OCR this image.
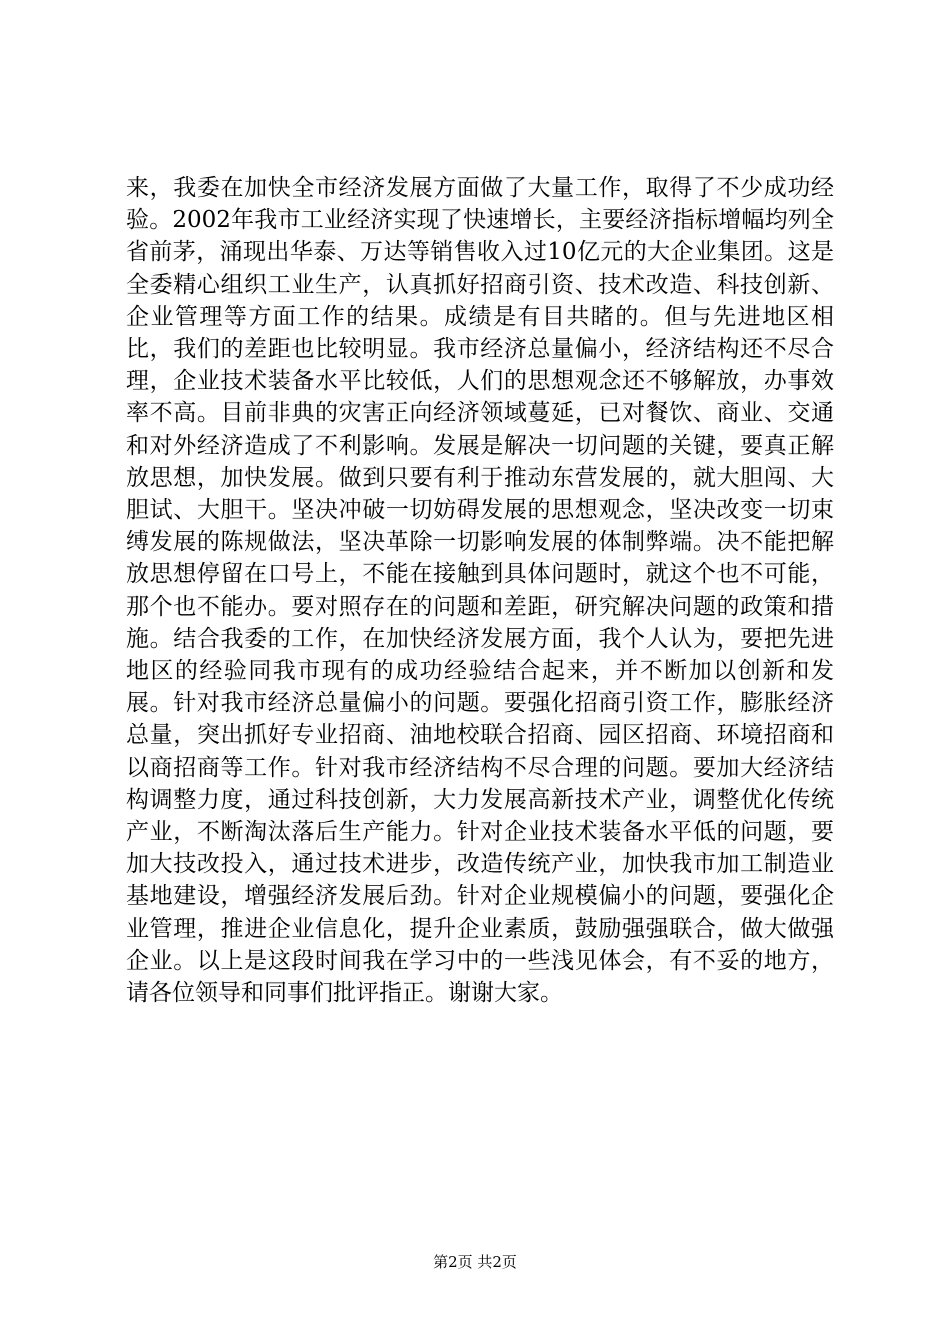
来，我委在加快全市经济发展方面做了大量工作，取得了不少成功经验。2002年我市工业经济实现了快速增长，主要经济指标增幅均列全省前茅，涌现出华泰、万达等销售收入过10亿元的大企业集团。这是全委精心组织工业生产，认真抓好招商引资、技术改造、科技创新、企业管理等方面工作的结果。成绩是有目共睹的。但与先进地区相比，我们的差距也比较明显。我市经济总量偏小，经济结构还不尽合理，企业技术装备水平比较低，人们的思想观念还不够解放，办事效率不高。目前非典的灾害正向经济领域蔓延，已对餐饮、商业、交通和对外经济造成了不利影响。发展是解决一切问题的关键，要真正解放思想，加快发展。做到只要有利于推动东营发展的，就大胆闯、大胆试、大胆干。坚决冲破一切妨碍发展的思想观念，坚决改变一切束缚发展的陈规做法，坚决革除一切影响发展的体制弊端。决不能把解放思想停留在口号上，不能在接触到具体问题时，就这个也不可能，那个也不能办。要对照存在的问题和差距，研究解决问题的政策和措施。结合我委的工作，在加快经济发展方面，我个人认为，要把先进地区的经验同我市现有的成功经验结合起来，并不断加以创新和发展。针对我市经济总量偏小的问题。要强化招商引资工作，膨胀经济总量，突出抓好专业招商、油地校联合招商、园区招商、环境招商和以商招商等工作。针对我市经济结构不尽合理的问题。要加大经济结构调整力度，通过科技创新，大力发展高新技术产业，调整优化传统产业，不断淘汰落后生产能力。针对企业技术装备水平低的问题，要加大技改投入，通过技术进步，改造传统产业，加快我市加工制造业基地建设，增强经济发展后劲。针对企业规模偏小的问题，要强化企业管理，推进企业信息化，提升企业素质，鼓励强强联合，做大做强企业。以上是这段时间我在学习中的一些浅见体会，有不妥的地方，请各位领导和同事们批评指正。谢谢大家。

第2页 共2页
